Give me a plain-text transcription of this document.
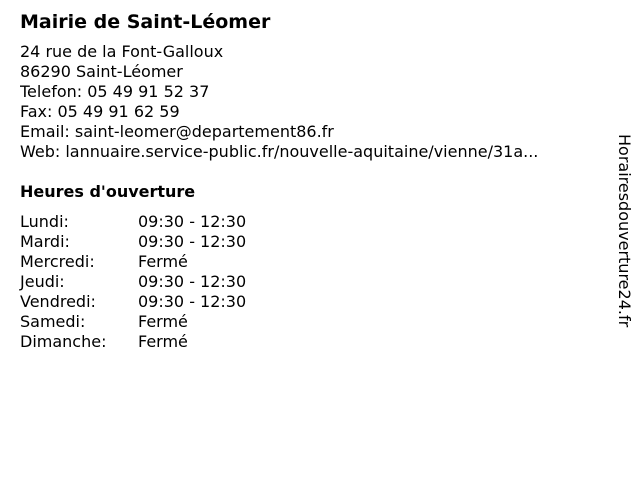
Mairie de Saint-Léomer
24 rue de la Font-Galloux
86290 Saint-Léomer
Telefon: 05 49 91 52 37
Fax: 05 49 91 62 59
Email: saint-leomer@departement86.fr
Web: lannuaire.service-public.fr/nouvelle-aquitaine/vienne/31a...
Heures d'ouverture
Lundi:	09:30 - 12:30
Mardi:	09:30 - 12:30
Mercredi:	Fermé
Jeudi:	09:30 - 12:30
Vendredi:	09:30 - 12:30
Samedi:	Fermé
Dimanche:	Fermé
Horairesdouverture24.fr
